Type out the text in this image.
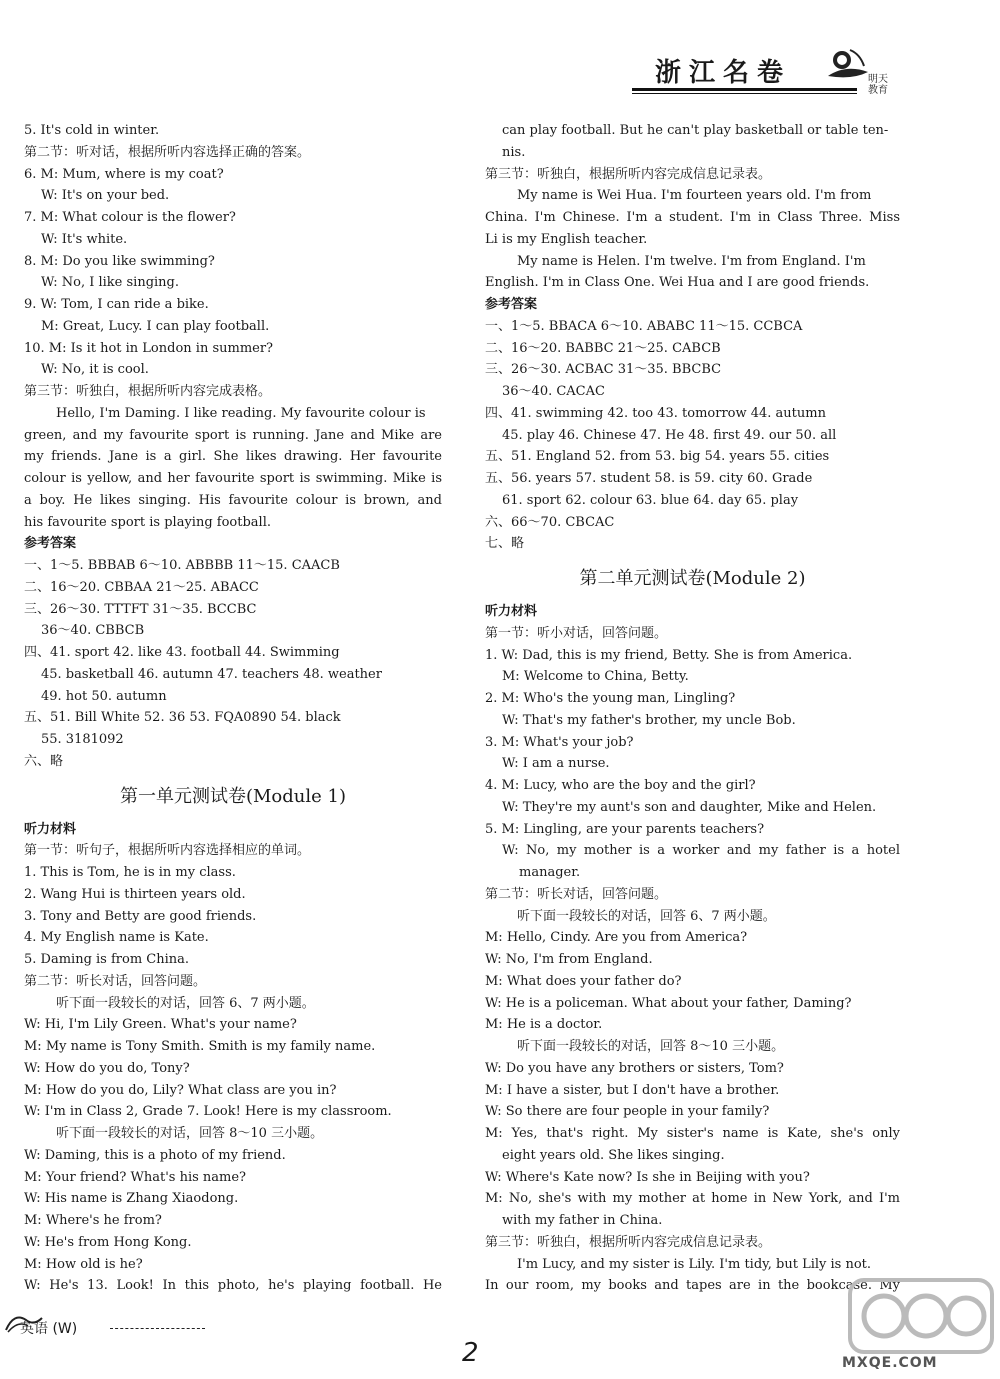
浙江名卷	明天教育
5. It's cold in winter.
第二节：听对话，根据所听内容选择正确的答案。
6. M: Mum, where is my coat?
W: It's on your bed.
7. M: What colour is the flower?
W: It's white.
8. M: Do you like swimming?
W: No, I like singing.
9. W: Tom, I can ride a bike.
M: Great, Lucy. I can play football.
10. M: Is it hot in London in summer?
W: No, it is cool.
第三节：听独白，根据所听内容完成表格。
Hello, I'm Daming. I like reading. My favourite colour is
green, and my favourite sport is running. Jane and Mike are
my friends. Jane is a girl. She likes drawing. Her favourite
colour is yellow, and her favourite sport is swimming. Mike is
a boy. He likes singing. His favourite colour is brown, and
his favourite sport is playing football.
参考答案
一、1～5. BBBAB 6～10. ABBBB 11～15. CAACB
二、16～20. CBBAA 21～25. ABACC
三、26～30. TTTFT 31～35. BCCBC
36～40. CBBCB
四、41. sport 42. like 43. football 44. Swimming
45. basketball 46. autumn 47. teachers 48. weather
49. hot 50. autumn
五、51. Bill White 52. 36 53. FQA0890 54. black
55. 3181092
六、略
第一单元测试卷(Module 1)
听力材料
第一节：听句子，根据所听内容选择相应的单词。
1. This is Tom, he is in my class.
2. Wang Hui is thirteen years old.
3. Tony and Betty are good friends.
4. My English name is Kate.
5. Daming is from China.
第二节：听长对话，回答问题。
听下面一段较长的对话，回答 6、7 两小题。
W: Hi, I'm Lily Green. What's your name?
M: My name is Tony Smith. Smith is my family name.
W: How do you do, Tony?
M: How do you do, Lily? What class are you in?
W: I'm in Class 2, Grade 7. Look! Here is my classroom.
听下面一段较长的对话，回答 8～10 三小题。
W: Daming, this is a photo of my friend.
M: Your friend? What's his name?
W: His name is Zhang Xiaodong.
M: Where's he from?
W: He's from Hong Kong.
M: How old is he?
W: He's 13. Look! In this photo, he's playing football. He
can play football. But he can't play basketball or table ten-
nis.
第三节：听独白，根据所听内容完成信息记录表。
My name is Wei Hua. I'm fourteen years old. I'm from
China. I'm Chinese. I'm a student. I'm in Class Three. Miss
Li is my English teacher.
My name is Helen. I'm twelve. I'm from England. I'm
English. I'm in Class One. Wei Hua and I are good friends.
参考答案
一、1～5. BBACA 6～10. ABABC 11～15. CCBCA
二、16～20. BABBC 21～25. CABCB
三、26～30. ACBAC 31～35. BBCBC
36～40. CACAC
四、41. swimming 42. too 43. tomorrow 44. autumn
45. play 46. Chinese 47. He 48. first 49. our 50. all
五、51. England 52. from 53. big 54. years 55. cities
五、56. years 57. student 58. is 59. city 60. Grade
61. sport 62. colour 63. blue 64. day 65. play
六、66～70. CBCAC
七、略
第二单元测试卷(Module 2)
听力材料
第一节：听小对话，回答问题。
1. W: Dad, this is my friend, Betty. She is from America.
M: Welcome to China, Betty.
2. M: Who's the young man, Lingling?
W: That's my father's brother, my uncle Bob.
3. M: What's your job?
W: I am a nurse.
4. M: Lucy, who are the boy and the girl?
W: They're my aunt's son and daughter, Mike and Helen.
5. M: Lingling, are your parents teachers?
W: No, my mother is a worker and my father is a hotel
manager.
第二节：听长对话，回答问题。
听下面一段较长的对话，回答 6、7 两小题。
M: Hello, Cindy. Are you from America?
W: No, I'm from England.
M: What does your father do?
W: He is a policeman. What about your father, Daming?
M: He is a doctor.
听下面一段较长的对话，回答 8～10 三小题。
W: Do you have any brothers or sisters, Tom?
M: I have a sister, but I don't have a brother.
W: So there are four people in your family?
M: Yes, that's right. My sister's name is Kate, she's only
eight years old. She likes singing.
W: Where's Kate now? Is she in Beijing with you?
M: No, she's with my mother at home in New York, and I'm
with my father in China.
第三节：听独白，根据所听内容完成信息记录表。
I'm Lucy, and my sister is Lily. I'm tidy, but Lily is not.
In our room, my books and tapes are in the bookcase. My
英语 (W)
2	MXQE.COM
